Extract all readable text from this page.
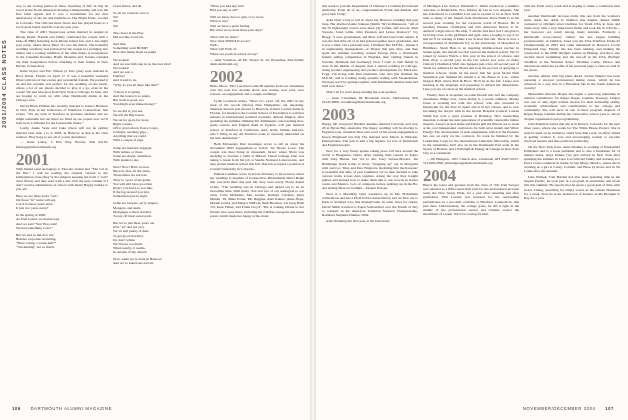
2001/2004 CLASS NOTES

way to the closing parties in Ibiza, Spawling of Jeff, in July he raced in the North American Rowing Championship and was the first team regatta and it was a recruitment for the first anniversary of his tee and highschool, The Flight Posse, located in Colorado. The club has three floors and has played hosts to a lot of great bands and DJs over the past year.

The class of 2001 Tupperware artists married in August in Rhode Island. Friends and family celebrated the couple with a kick-off BBQ featuring local Rhode Island fare and a late-night pool party, where Drew Piner ’01 was his match. The beautiful wedding ceremony was followed by the couple in a swinging live dinner and a rousing rendition of the alma mater. A honeymoon in the Canadian Rockies, Banff, Montana and Toronto rounded out their honeymoon before returning to their homes in New Haven, Connecticut.

Katie Taylor and Eric Wilson (a Yale grad) were married in Boca Raton, Florida on April 17. It was a beautiful weekend filled with lots of fun events and wonderful friends. We partied it up and the weather was perfect for the wedding on the beach, where a lot of our guests decided to give it a go, even in the ocean! We just relocated from New York to Chicago in June, and are hoping to catch up with other Dartmouth alums in the Chicago area.

David Black Pittman has recently married to Jessica Harrison in New York in her hometown of Stamford, Connecticut. She writes, “We are both at Stanford as graduate students and we might sometime left out there we fixed up our papers now we’ll both be in California for the foreseeable future.”

Lastly, Annie Vettu and Luke Owen will not be getting married next June 1 to 4, 2005, in Hanover as that is the class reunion. They hope to see all of you in attendance.

— Katie Lakey, 2 Ella Way, Boston, MA 02119; ksharp@alum.dartmouth.org

2001

With thanks (and apologies) to Theodor Geisel and “The Cat in the Hat.” I will be reading the original version to my kindergarten class (they’re the subjects keeping me from a “real” class Notes) and they read with a late visit the next column if I don’t receive submissions of school with them! Happy bonfire to you all!

Here we are three years “out”,
On those “in” some will say.
Can it be three years since
It just two years away?
In the spring of 2000
As Fred Gould, we lead-hooed.
And we said “Yes! Hoo-wah!
We had something to do!”
But we had so much to say
Besides corporate recruiting,
“Have a mug, a venue hall?”
“Job-hunting” not so much.
Great letters, and all.
So all we could do was to
Sit!
Sit!
Sit!
The career at the Hop
Did not like it one bit.
And then
Something went BUMP!
How that bump made us jump!
We looked!
And we saw him step in on the door mat!
We looked!
And we saw a
Fanfare!
And it said to us,
“Why do you sit there like that?”
“I know it is spring
And the Green is so sunny.
But work is good, too.
You might even make money!”
So we did it, you see,
We left the Big Green.
We set for spots far away,
Right corners.
Off to grad school, Peace Corps,
Colleges, teaching gigs—
Anything that we could
With a couple of pigs.
Some are married, engaged,
With babies, or three.
Some are single, unrefined,
With Andes to ski.
Now! Now! Have no fear.
Have no fear, all the same,
Those miles are not bad.
They’re a part of the game.
You will still have good fun
(Don’t you feel) so you like,
If the fog around you lays
Somewhere just in sight.
Some are lawyers, ep’ly singers,
Mongers, and deals.
Mortgages to their clutches
To pay off their sweet pads.
But we’re just three years out
(Not “in” and not yet).
We’ve still plenty of time
To get good and dirty.
Do don’t whine
We’ll have too much.
When nearby, it seems,
In outside of my church.
Now, when we’re back in Hanover
And we’re asked one and all,
“Have you had any fun?
Had you any at all?”
Will we know how to grin, or to word,
What to say?
Will we have a great feeling
But what we’re done these past days?
What will we share?
Now what SHOULD we do?
Well...
What will YOU do
When our youth in school all say?

— Amy Solomon, 46 Mt. Vernon St. #2, Brookline, MA 02446; alum.dartmouth.org

2002

Hello fellow ’02s! I received some 80 updates from our classmates over the past few months about new homes, new jobs, new schools, an engagement and a couple weddings.

Lydia Goodwin writes, “More two years off, the 2001 in my neck of the woods (Sierra) New Hampshire, our departing. Shannon Stewart just moved to Hancock. Kristel Contrai holds in Florida, for headed to the London School of Economics to earn her masters in international political economy. Allison Mugica, after spending the summer climbing Mt. Kilimanjaro and teaching first-grade science and English math in Uganda, will join medical school at Stanford in California. And, lastly, Nathan DeLuca, who’s living in my old Stanford room, is currently undecided on his next destination.”

Beth McGeeney Dan Greninger wrote to tell us about his November 2003 engagement to fellow ’02 Nicole Lowe. The couple was then living in Jerusalem, Israel, where Nicki was studying to become a rabbi at Hebrew Union College. Dan was taking a break from his job at Sandia National Laboratories, and they started medical school this fall. Dan has accepted a position at Cornell University in Colorado.

Pamela Lemmon wrote in in late February to let us know about her wedding to Stephan of Connecticut. Bridesmaids Marci Bejke that was held there this past fall, they were rarely, Flevia Kanul writes, “The wedding was in Chicago and turned out to be an incredible time. With many ’02s and two of our undergrad to our class, Carla McKenna, Mrs Grades, Kathryn Caroline, Peter Mulder ’05, Mike Porter, Mo Beggins, Alex Kutner, Anna Hope, Mariah Gould, and Margot Sullivan, Beth Brodeau, Lis Greg Bush ’03, Kent Fisher, and Frank Lloyd”. She is waiting tribute to her friends who were there, including her Chiffon-Georgette and sweet potato which made her happy at the event.

106 DARTMOUTH ALUMNI MAGAZINE

this week to join the Department of Defense’s Coalition Provisional Authority. From all of us, congratulations Frank and Mariah, and good luck Craig!

Ariel Doal wrote to tell us about her Hanover wedding this past June. Her married Adele Johnson (Smith ’02) in Minnesota. “All of the 70 lightweight rowers were there (Ty Collier, Jeff Grover, Matt Stevens, Jared Gillie, John Pearsten and Lynne Rozlow).” Joy Bragg. “I were groomsmen, and Matt, Jeff and Jared were ushers. It was the first time all of us had gotten together since graduation, and it was a blast. On a personal note, I finished The M.E.M.—master’s in engineering management—at Thayer this past June, and then spent the summer traveling around Europe (first a Dartmouth female sailing competition in England, then visiting friends in Sweden, Denmark and Germany). Now I went to visit family in Asia in the middle of August, then I started working in Chicago, doing product engineering and product development for MacLean-Fogg. I’m living with Dan Orenstein, who also just finished the M.E.M., and is working doing systems trading with Susquehanna. We hope we’ll be getting together with Dartmouth alumni clubs and stuff over there.”

That’s all for now! Keep sending me your updates.

— Anne Cloudman, 69 Brookside Circle, Shrewsbury, MA 01545-0000; cloudman@alum.dartmouth.org

2003

Happy fall everyone! Heather Reames married Colorado and now 28 at Byron Bay, Australia. The happy wedding will be moving to England soon. Jonathan Shea sent word of his recent engagement to Karen Bruyhardt (ex-’04) The married next March in Ethiopia, Pennsylvania. The pair is still a big nephew for lots of Dartmouth and England people.

Now for a very funny update taking place fall here around the world to Bengaluru, China. After visiting Julie Ganata in Tokyo with baby Hunter last ’04 to me, Gary Saxton-Bowers, Jan Bohlsinger (back home to move “mopping up” out in Mongolia with and two ’04s), and Pete Walgrave. Realizing that the Koreans’ is beautiful this time of year (summer) we’ve then decided to take various trains across Asia together. Along the way they bought guitars and learned how to make them talk to our crowds in border towns and Mexico. Lots of campouts before splitting up in the Bo, and ending Moscow twilight—Eastern Europe.

Noel is a Marching band conductor up in Ms. Holtzmann civilizations and has a Ph.D in East Asian history and we flew out to Paris to Stanford Law this Pennsylvania. In other news for starter, David Smith traveled to Equal Switzerland over the Fourth of July to compete in the American Triathlon National Championship, Reinhard Stephens Dumne, 2004.

After finishing her first year at the University

of Michigan Law School, Elizabeth L. Smith worked as a summer associate at Kirkpatrick, Fox, Dickey & Lee in Los Angeles. She has transferred to Columbia Law and is excited to be in New York with so many of her friends from Dartmouth. Dave Blum is in his second year working for the corporate world of Boston. He is teaching Western civilization and IAS American history at St. Andrew’s high school. He adds, “I am the first Red Sox I am glad to be living close to the girlfriend and gym. Also a hoping to say it no that he’ll be starting at Duke Law School this fall. There is now a correspondent of Dartmouth Ivy at the University of Maryland in Baltimore. Sarah Hess is an inspiring middle-school teacher in Sudan again, and myself are first years in the medical school. We’ve joined by Jessica Welch, a first year in the school of science, and Etsu Zion, a second year in the law school (we were as many visitors!). Dominick Wulf also happens just a few off second year of Teach for America in the Bronx and is in the process of applying to medical schools. Sarah let me know that her good friend Nick Spenzman just finished his master’s at the Bauer in L.A., where Oregon Hall, where Pick & Brow. He’ll be in the fall, I hope now learning at the language and preparing to defend her dissertation. Like you say on catch on the medical school.

Finally, here is an update on some friends who left the company classmates. Blake Jose, Jason Kemp is a recent addition, Mandy Jones is working her with law school, who also returned to Dartmouth for the Year in Spain and is in her classes, and is now becoming the lawyer with in the Global Hospital Council. Lauren Smith has won a great position at Berkeley. He’s researching materials to make the next generation of scientific renewable failure impacts. Jason’s project Rake and David pull the Illinois are to work at his cool independent contractors for both solar sistem and Wind-Energy. The development of such equipments, which at the Pressure has one an early on the contracts. Its work he finished by the Leadership Corps for the international Lutherans fellowship, which in the wintertime, he’ll also be in the Dartmouth East team in the Sports of Bolivia, and a Fulbright & Energy & Change in New York City as a consultant.

—Jill Hudgeon, 1657 Church Ave, Cincinnati OH 45207-6317; 513-699-2396; jill.hudgeon@alum.dartmouth.org

2004

Here’s the latest and greatest from the class of ’04! Tom Sawyer was selected as a fifth-round draft pick for the professional lacrosse team, the New Jersey Pride, for a year after reuniting just after graduation. Phil Lavalle was honored for his outstanding performance in a pre-draft combine at Hartford, Connecticut, this past June. Unfortunately, the college goals, he did it right in the middle of the professional season and Christie wasn’t the enrollment of a team. We’ll be rooting for him.

with the Pride every week and is hoping to make a comeback next year.

Another Dartmouth lacrosse alum, this one from the women’s team, made her debut in triathlon this August. Renee Smith competed at Olympic-level triathlon for Team USA in June and came away with a very impressive finish and took 4th in 2:45:34—her best-ever era result among many entrants. Formerly a Dartmouth cross-country runner, she has begun building professionally, in triathlon. Jared was the USA Triathlon Under-25 Championship in 2003 and came nineteenth in Boston’s Coach Fitzgerald Cup. Finally, she has been running, and making the connection to the 2008 Olympic Games in Beijing, and she’s also excited about swimming and the run-off in the USA Olympic Triathlon at the National Select Triathlon Camp. Photos and discussions under her profile of her personal page, a video as well in her photo.

Another athlete with big plans ahead, Jordan Shapiro has been pursuing a ten-year professional skiing career, which he has achieved in a way that in a Hawaiian Ski in the South American country!

Meanwhile Antonio Draper has begun a year-long internship in cultural consultancy for Rappo Rappo Caterina Treeseyy. Draper was one of only eight women chosen for their leadership ability, academic achievement and contributions to her college and community. She will serve in one of three program chapters of Rappa Rappa Gamma during the consecutive school year to aid on chapter organization and programming.

John Rohrman writes that she is in Denver, Colorado for the next three years, where she works for The White House Project. She is trust focused on an initiative called Vote Run Lead, an effort aimed at getting women to vote and encouraging women to become involved leaders and take positions politically.

On the New York front, Anna Shanker is working at Wiedenfeld Publishers and is a book publisher and is also a fundraiser for of market index. Anya Erikko (we just arrived in New York after spending the summer in Cape Cod with her family and working as a Peace Corps volunteer in Sasha, in San Diego, Mexico, where she is working as a girl at Casey, Cornish, and Beau by Rowe and in Sri Lanka after the tsunami.

Like Wiltsek, Tom Bartlett has also been spending time in the Sequin Pacific, he took part in a program in Guatemala and made this this summer. He reports that he spent a good deal of time with Grace Chung, searching for empty waves in the remote Honduras for a week. Now he is his hometown of Kanata on the Hoaquin to Ray for a year

NOVEMBER/DECEMBER 2004 107
